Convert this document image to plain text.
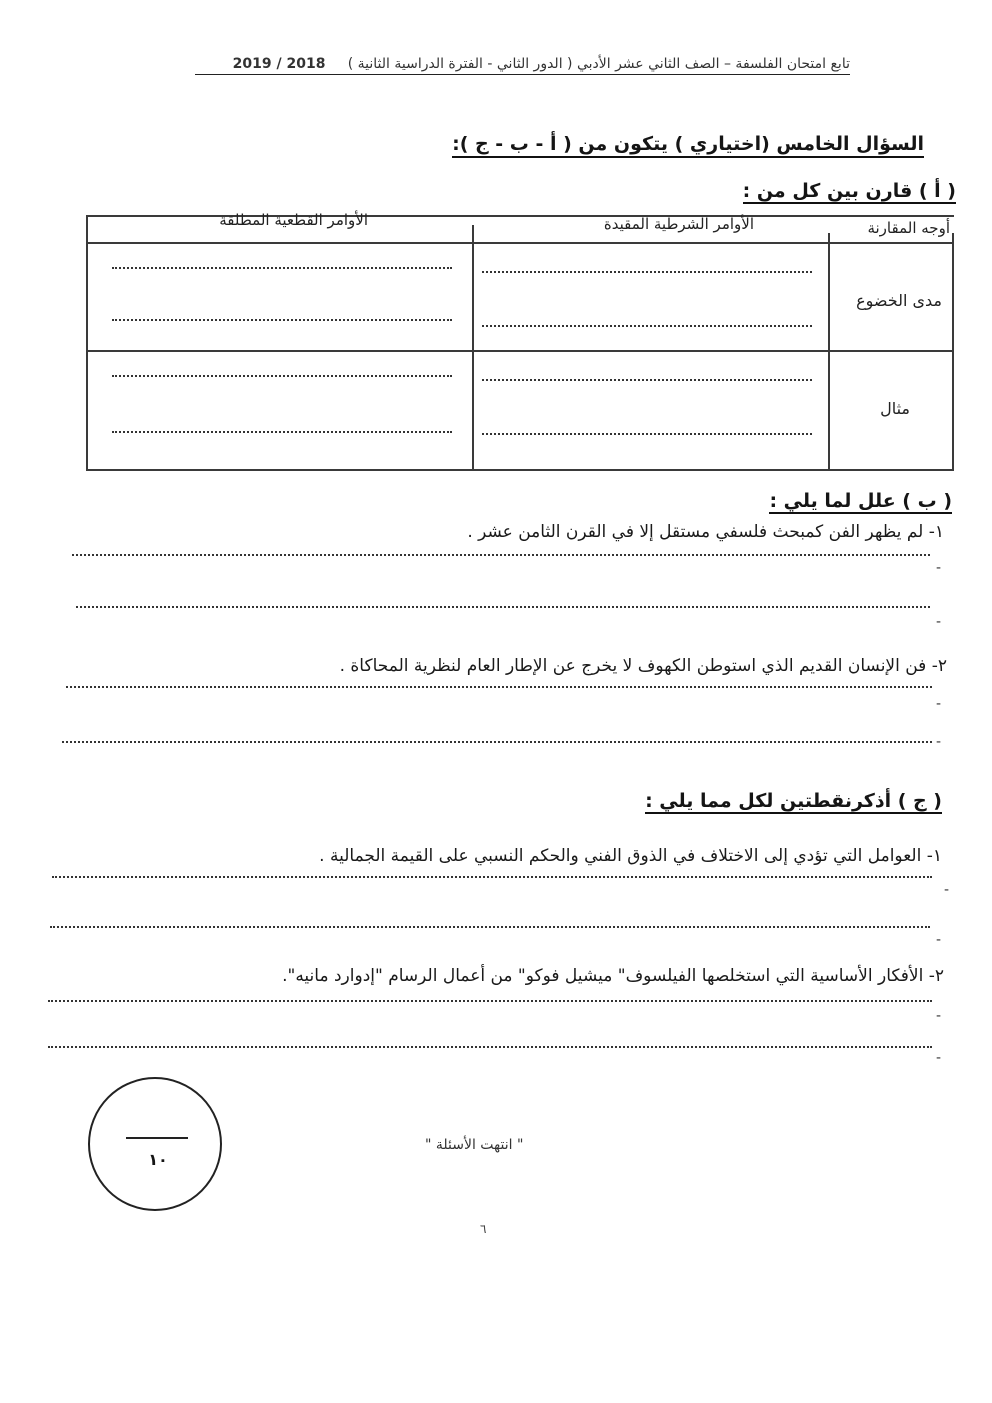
تابع امتحان الفلسفة – الصف الثاني عشر الأدبي ( الدور الثاني - الفترة الدراسية الثانية )     2018 / 2019
السؤال الخامس (اختياري ) يتكون من ( أ - ب - ج ):
( أ ) قارن بين كل من :
أوجه المقارنة
الأوامر الشرطية المقيدة
الأوامر القطعية المطلقة
مدى الخضوع
مثال
( ب ) علل لما يلي :
١- لم يظهر الفن كمبحث فلسفي مستقل إلا في القرن الثامن عشر .
-
-
٢- فن الإنسان القديم الذي استوطن الكهوف لا يخرج عن الإطار العام لنظرية المحاكاة .
-
-
( ج ) أذكرنقطتين لكل مما يلي :
١- العوامل التي تؤدي إلى الاختلاف في الذوق الفني والحكم النسبي على القيمة الجمالية .
-
-
٢- الأفكار الأساسية التي استخلصها الفيلسوف" ميشيل فوكو" من أعمال الرسام "إدوارد مانيه".
-
-
١٠
" انتهت الأسئلة "
٦
